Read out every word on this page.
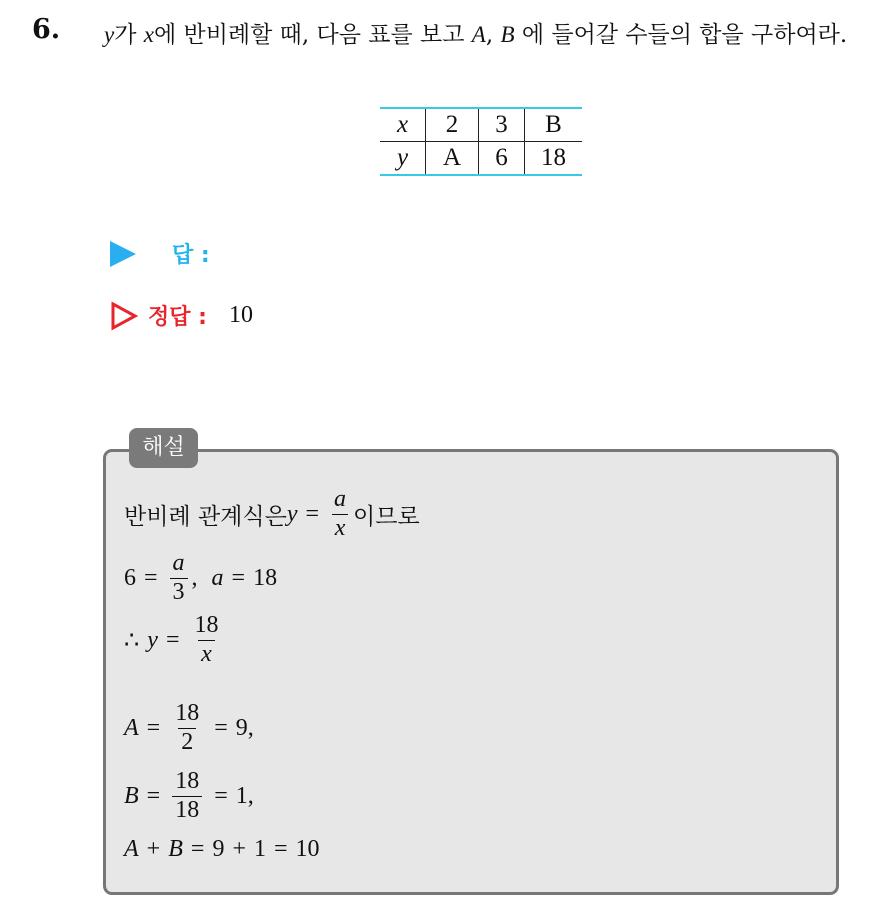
6. y가 x에 반비례할 때, 다음 표를 보고 A, B 에 들어갈 수들의 합을 구하여라.
x	2	3	B
y	A	6	18
답 :
정답 : 10
해설
반비례 관계식은 $y = \frac{a}{x}$ 이므로
$6 = \frac{a}{3}$ , a = 18
∴ $y = \frac{18}{x}$
$A = \frac{18}{2} = 9$,
$B = \frac{18}{18} = 1$,
A + B = 9 + 1 = 10
